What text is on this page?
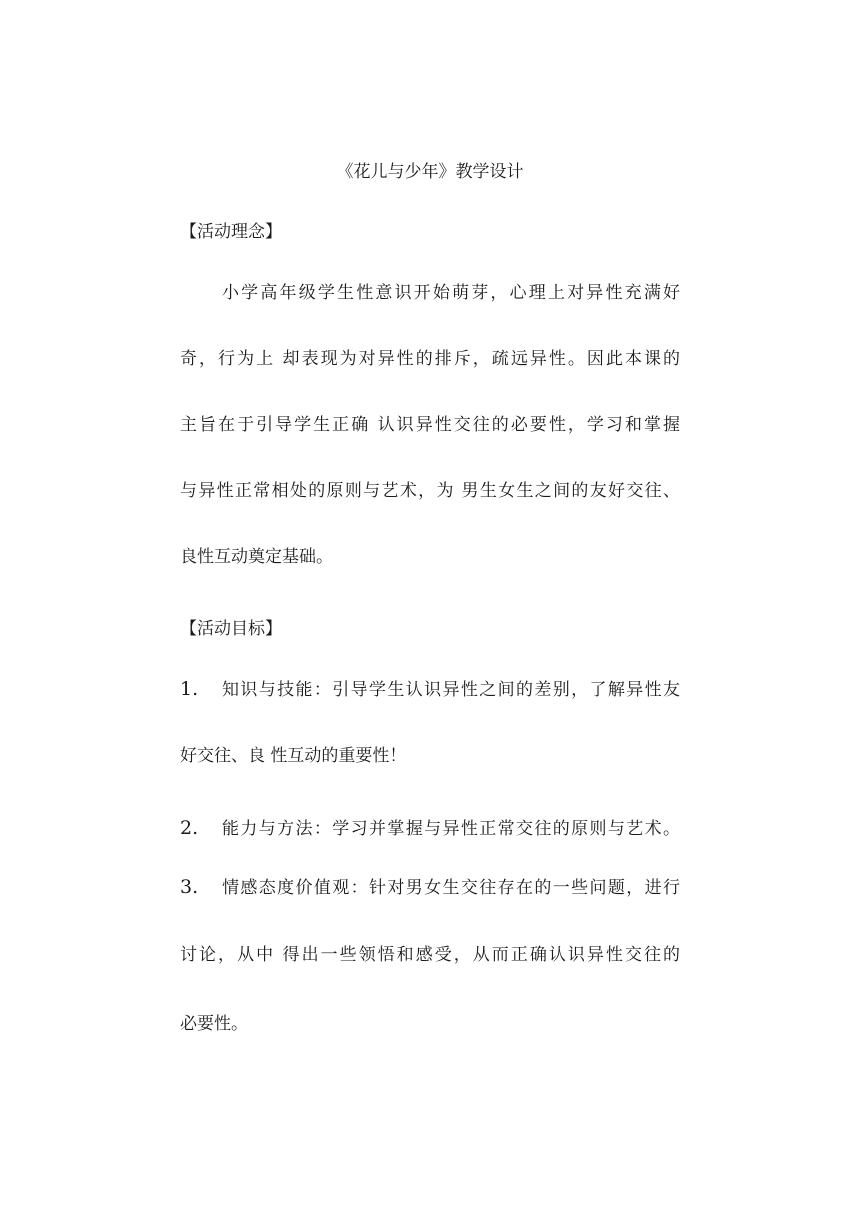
《花儿与少年》教学设计
【活动理念】
小学高年级学生性意识开始萌芽，心理上对异性充满好
奇，行为上 却表现为对异性的排斥，疏远异性。因此本课的
主旨在于引导学生正确 认识异性交往的必要性，学习和掌握
与异性正常相处的原则与艺术，为 男生女生之间的友好交往、
良性互动奠定基础。
【活动目标】
1. 知识与技能：引导学生认识异性之间的差别，了解异性友
好交往、良 性互动的重要性！
2. 能力与方法：学习并掌握与异性正常交往的原则与艺术。
3. 情感态度价值观：针对男女生交往存在的一些问题，进行
讨论，从中 得出一些领悟和感受，从而正确认识异性交往的
必要性。
